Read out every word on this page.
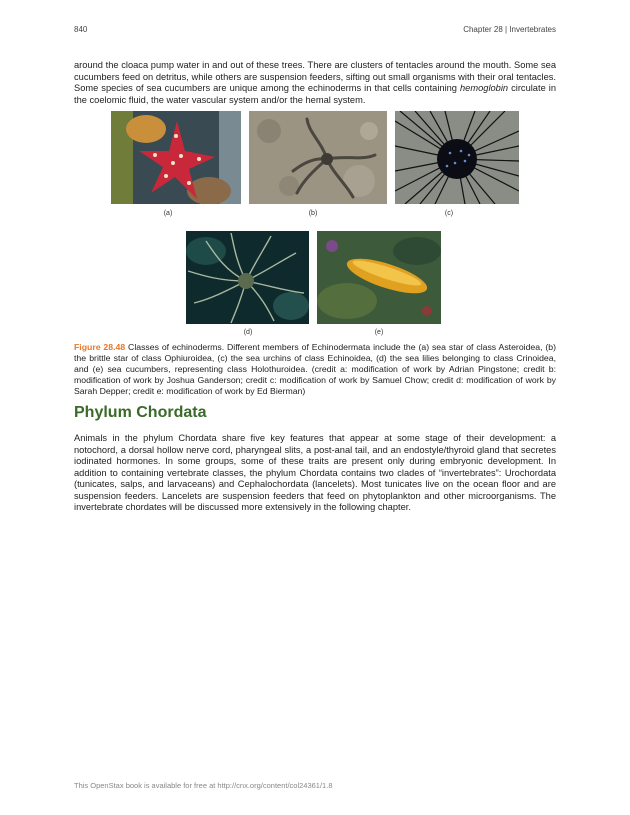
840	Chapter 28 | Invertebrates

around the cloaca pump water in and out of these trees. There are clusters of tentacles around the mouth. Some sea cucumbers feed on detritus, while others are suspension feeders, sifting out small organisms with their oral tentacles. Some species of sea cucumbers are unique among the echinoderms in that cells containing hemoglobin circulate in the coelomic fluid, the water vascular system and/or the hemal system.

(a)	(b)	(c)
(d)	(e)

Figure 28.48 Classes of echinoderms. Different members of Echinodermata include the (a) sea star of class Asteroidea, (b) the brittle star of class Ophiuroidea, (c) the sea urchins of class Echinoidea, (d) the sea lilies belonging to class Crinoidea, and (e) sea cucumbers, representing class Holothuroidea. (credit a: modification of work by Adrian Pingstone; credit b: modification of work by Joshua Ganderson; credit c: modification of work by Samuel Chow; credit d: modification of work by Sarah Depper; credit e: modification of work by Ed Bierman)

Phylum Chordata

Animals in the phylum Chordata share five key features that appear at some stage of their development: a notochord, a dorsal hollow nerve cord, pharyngeal slits, a post-anal tail, and an endostyle/thyroid gland that secretes iodinated hormones. In some groups, some of these traits are present only during embryonic development. In addition to containing vertebrate classes, the phylum Chordata contains two clades of “invertebrates”: Urochordata (tunicates, salps, and larvaceans) and Cephalochordata (lancelets). Most tunicates live on the ocean floor and are suspension feeders. Lancelets are suspension feeders that feed on phytoplankton and other microorganisms. The invertebrate chordates will be discussed more extensively in the following chapter.

This OpenStax book is available for free at http://cnx.org/content/col24361/1.8
